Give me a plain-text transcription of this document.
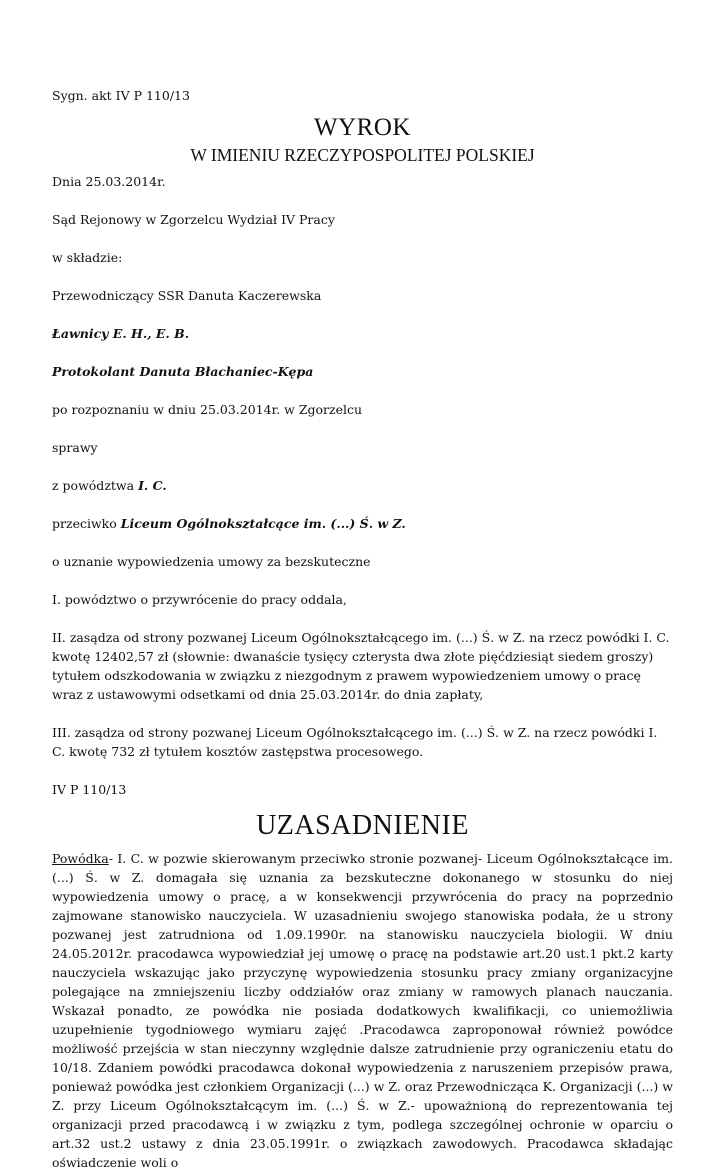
Sygn. akt IV P 110/13

WYROK
W IMIENIU RZECZYPOSPOLITEJ POLSKIEJ

Dnia 25.03.2014r.

Sąd Rejonowy w Zgorzelcu Wydział IV Pracy

w składzie:

Przewodniczący SSR Danuta Kaczerewska

Ławnicy E. H., E. B.

Protokolant Danuta Błachaniec-Kępa

po rozpoznaniu w dniu 25.03.2014r. w Zgorzelcu

sprawy

z powództwa I. C.

przeciwko Liceum Ogólnokształcące im. (...) Ś. w Z.

o uznanie wypowiedzenia umowy za bezskuteczne

I. powództwo o przywrócenie do pracy oddala,

II. zasądza od strony pozwanej Liceum Ogólnokształcącego im. (...) Ś. w Z. na rzecz powódki I. C. kwotę 12402,57 zł (słownie: dwanaście tysięcy czterysta dwa złote pięćdziesiąt siedem groszy) tytułem odszkodowania w związku z niezgodnym z prawem wypowiedzeniem umowy o pracę wraz z ustawowymi odsetkami od dnia 25.03.2014r. do dnia zapłaty,

III. zasądza od strony pozwanej Liceum Ogólnokształcącego im. (...) Ś. w Z. na rzecz powódki I. C. kwotę 732 zł tytułem kosztów zastępstwa procesowego.

IV P 110/13

UZASADNIENIE

Powódka- I. C. w pozwie skierowanym przeciwko stronie pozwanej- Liceum Ogólnokształcące im. (...) Ś. w Z. domagała się uznania za bezskuteczne dokonanego w stosunku do niej wypowiedzenia umowy o pracę, a w konsekwencji przywrócenia do pracy na poprzednio zajmowane stanowisko nauczyciela. W uzasadnieniu swojego stanowiska podała, że u strony pozwanej jest zatrudniona od 1.09.1990r. na stanowisku nauczyciela biologii. W dniu 24.05.2012r. pracodawca wypowiedział jej umowę o pracę na podstawie art.20 ust.1 pkt.2 karty nauczyciela wskazując jako przyczynę wypowiedzenia stosunku pracy zmiany organizacyjne polegające na zmniejszeniu liczby oddziałów oraz zmiany w ramowych planach nauczania. Wskazał ponadto, ze powódka nie posiada dodatkowych kwalifikacji, co uniemożliwia uzupełnienie tygodniowego wymiaru zajęć .Pracodawca zaproponował również powódce możliwość przejścia w stan nieczynny względnie dalsze zatrudnienie przy ograniczeniu etatu do 10/18. Zdaniem powódki pracodawca dokonał wypowiedzenia z naruszeniem przepisów prawa, ponieważ powódka jest członkiem Organizacji (...) w Z. oraz Przewodnicząca K. Organizacji (...) w Z. przy Liceum Ogólnokształcącym im. (...) Ś. w Z.- upoważnioną do reprezentowania tej organizacji przed pracodawcą i w związku z tym, podlega szczególnej ochronie w oparciu o art.32 ust.2 ustawy z dnia 23.05.1991r. o związkach zawodowych. Pracodawca składając oświadczenie woli o
